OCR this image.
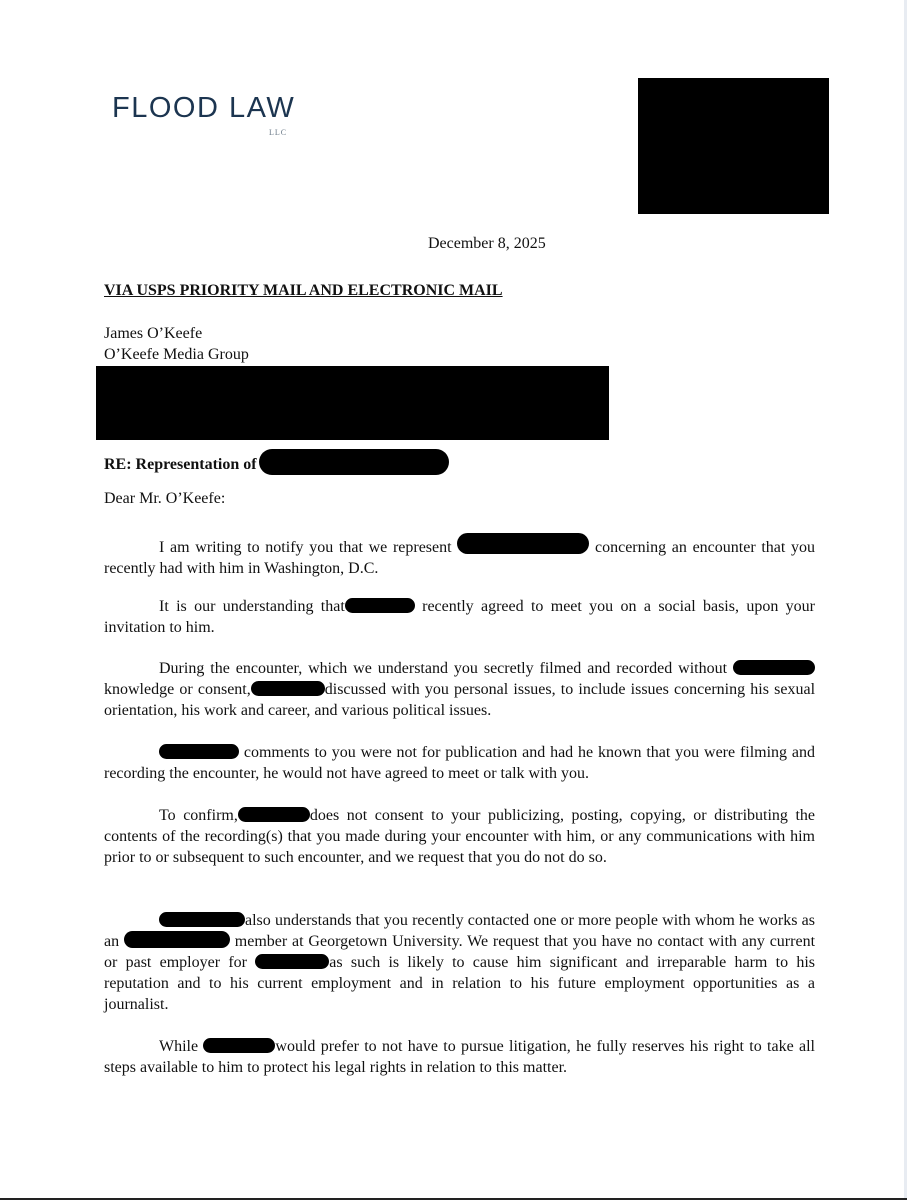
FLOOD LAW
LLC
December 8, 2025
VIA USPS PRIORITY MAIL AND ELECTRONIC MAIL
James O’Keefe
O’Keefe Media Group
RE: Representation of
Dear Mr. O’Keefe:
I am writing to notify you that we represent	concerning an encounter that you recently had with him in Washington, D.C.
It is our understanding that	recently agreed to meet you on a social basis, upon your invitation to him.
During the encounter, which we understand you secretly filmed and recorded without knowledge or consent,	discussed with you personal issues, to include issues concerning his sexual orientation, his work and career, and various political issues.
comments to you were not for publication and had he known that you were filming and recording the encounter, he would not have agreed to meet or talk with you.
To confirm,	does not consent to your publicizing, posting, copying, or distributing the contents of the recording(s) that you made during your encounter with him, or any communications with him prior to or subsequent to such encounter, and we request that you do not do so.
also understands that you recently contacted one or more people with whom he works as an	member at Georgetown University. We request that you have no contact with any current or past employer for	as such is likely to cause him significant and irreparable harm to his reputation and to his current employment and in relation to his future employment opportunities as a journalist.
While	would prefer to not have to pursue litigation, he fully reserves his right to take all steps available to him to protect his legal rights in relation to this matter.
